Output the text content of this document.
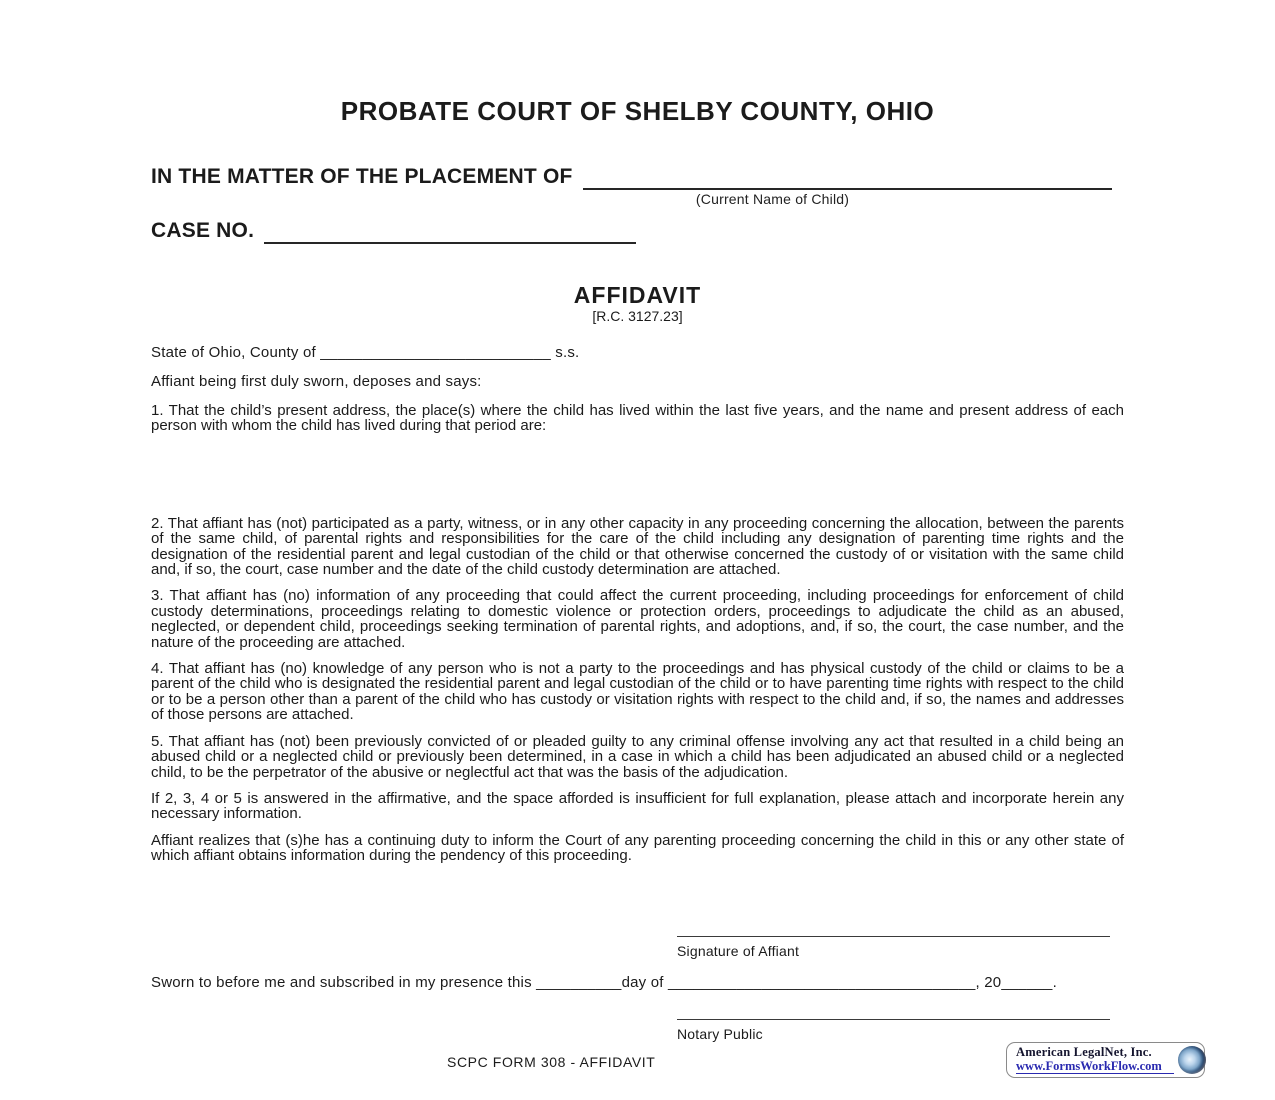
PROBATE COURT OF SHELBY COUNTY, OHIO
IN THE MATTER OF THE PLACEMENT OF
(Current Name of Child)
CASE NO.
AFFIDAVIT
[R.C. 3127.23]
State of Ohio, County of ___________________________ s.s.
Affiant being first duly sworn, deposes and says:

1. That the child’s present address, the place(s) where the child has lived within the last five years, and the name and present address of each person with whom the child has lived during that period are:

2. That affiant has (not) participated as a party, witness, or in any other capacity in any proceeding concerning the allocation, between the parents of the same child, of parental rights and responsibilities for the care of the child including any designation of parenting time rights and the designation of the residential parent and legal custodian of the child or that otherwise concerned the custody of or visitation with the same child and, if so, the court, case number and the date of the child custody determination are attached.

3. That affiant has (no) information of any proceeding that could affect the current proceeding, including proceedings for enforcement of child custody determinations, proceedings relating to domestic violence or protection orders, proceedings to adjudicate the child as an abused, neglected, or dependent child, proceedings seeking termination of parental rights, and adoptions, and, if so, the court, the case number, and the nature of the proceeding are attached.

4. That affiant has (no) knowledge of any person who is not a party to the proceedings and has physical custody of the child or claims to be a parent of the child who is designated the residential parent and legal custodian of the child or to have parenting time rights with respect to the child or to be a person other than a parent of the child who has custody or visitation rights with respect to the child and, if so, the names and addresses of those persons are attached.

5. That affiant has (not) been previously convicted of or pleaded guilty to any criminal offense involving any act that resulted in a child being an abused child or a neglected child or previously been determined, in a case in which a child has been adjudicated an abused child or a neglected child, to be the perpetrator of the abusive or neglectful act that was the basis of the adjudication.

If 2, 3, 4 or 5 is answered in the affirmative, and the space afforded is insufficient for full explanation, please attach and incorporate herein any necessary information.

Affiant realizes that (s)he has a continuing duty to inform the Court of any parenting proceeding concerning the child in this or any other state of which affiant obtains information during the pendency of this proceeding.

Signature of Affiant
Sworn to before me and subscribed in my presence this __________day of ____________________________________, 20______.
Notary Public
SCPC FORM 308 - AFFIDAVIT
American LegalNet, Inc.
www.FormsWorkFlow.com
